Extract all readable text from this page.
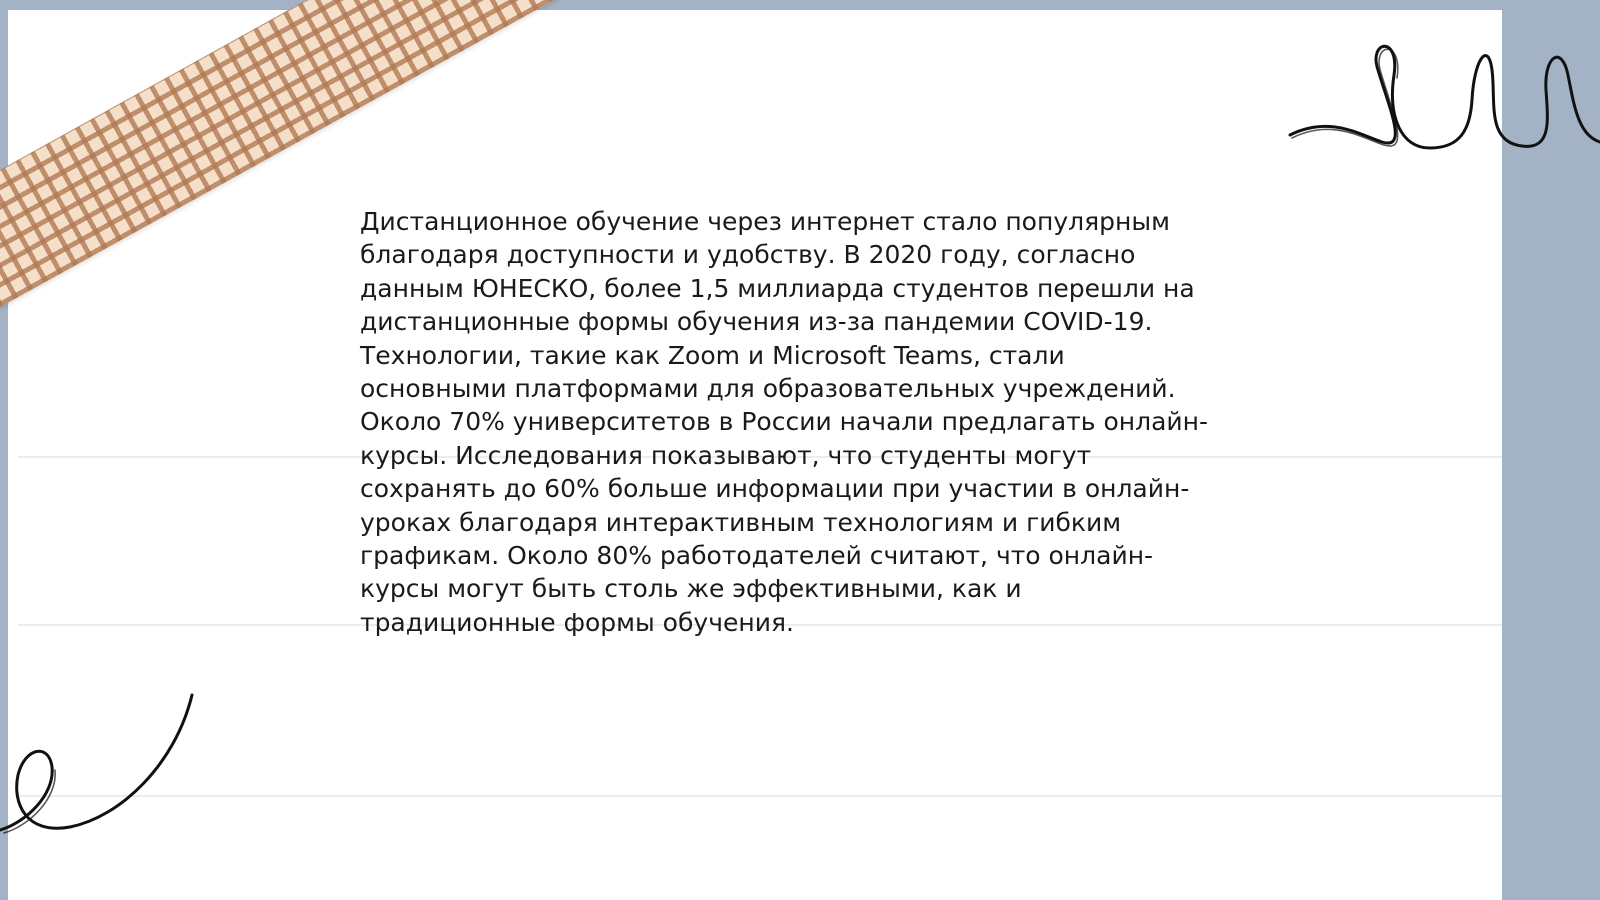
Дистанционное обучение через интернет стало популярным
благодаря доступности и удобству. В 2020 году, согласно
данным ЮНЕСКО, более 1,5 миллиарда студентов перешли на
дистанционные формы обучения из-за пандемии COVID-19.
Технологии, такие как Zoom и Microsoft Teams, стали
основными платформами для образовательных учреждений.
Около 70% университетов в России начали предлагать онлайн-
курсы. Исследования показывают, что студенты могут
сохранять до 60% больше информации при участии в онлайн-
уроках благодаря интерактивным технологиям и гибким
графикам. Около 80% работодателей считают, что онлайн-
курсы могут быть столь же эффективными, как и
традиционные формы обучения.
